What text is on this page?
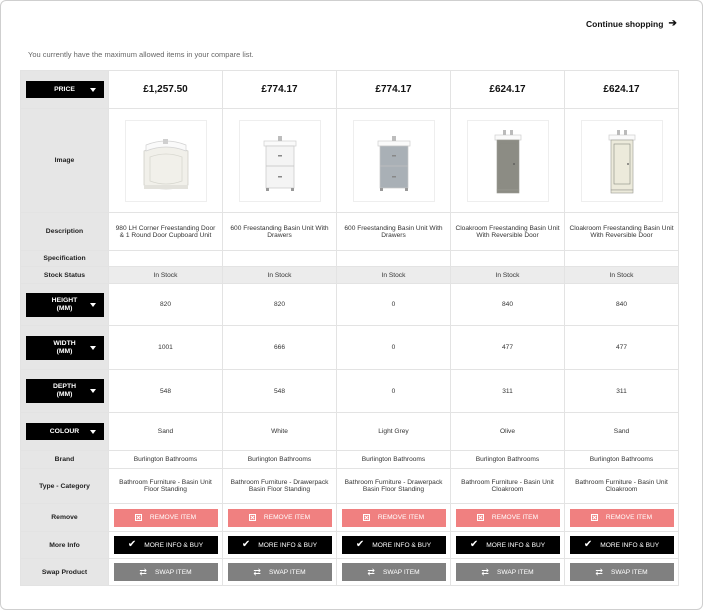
Continue shopping ➔
You currently have the maximum allowed items in your compare list.
PRICE	£1,257.50	£774.17	£774.17	£624.17	£624.17
Image	

Description	980 LH Corner Freestanding Door & 1 Round Door Cupboard Unit	600 Freestanding Basin Unit With Drawers	600 Freestanding Basin Unit With Drawers	Cloakroom Freestanding Basin Unit With Reversible Door	Cloakroom Freestanding Basin Unit With Reversible Door
Specification					
Stock Status	In Stock	In Stock	In Stock	In Stock	In Stock

HEIGHT
(MM)	820	820	0	840	840

WIDTH
(MM)	1001	666	0	477	477

DEPTH
(MM)	548	548	0	311	311

COLOUR	Sand	White	Light Grey	Olive	Sand
Brand	Burlington Bathrooms	Burlington Bathrooms	Burlington Bathrooms	Burlington Bathrooms	Burlington Bathrooms
Type - Category	Bathroom Furniture - Basin Unit Floor Standing	Bathroom Furniture - Drawerpack Basin Floor Standing	Bathroom Furniture - Drawerpack Basin Floor Standing	Bathroom Furniture - Basin Unit Cloakroom	Bathroom Furniture - Basin Unit Cloakroom
Remove	REMOVE ITEM	REMOVE ITEM	REMOVE ITEM	REMOVE ITEM	REMOVE ITEM

More Info	✔ MORE INFO & BUY	✔ MORE INFO & BUY	✔ MORE INFO & BUY	✔ MORE INFO & BUY	✔ MORE INFO & BUY

Swap Product	⇄ SWAP ITEM	⇄ SWAP ITEM	⇄ SWAP ITEM	⇄ SWAP ITEM	⇄ SWAP ITEM
